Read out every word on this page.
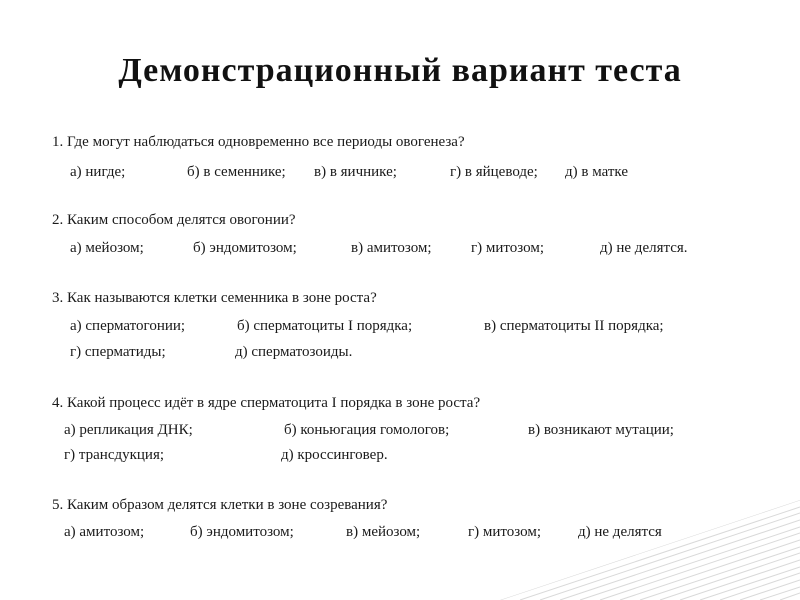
Демонстрационный вариант теста
1. Где могут наблюдаться одновременно все периоды овогенеза?
а) нигде;	б) в семеннике; в) в яичнике;	г) в яйцеводе; д) в матке
2. Каким способом делятся овогонии?
а) мейозом;	б) эндомитозом;	в) амитозом;	г) митозом;	д) не делятся.
3. Как называются клетки семенника в зоне роста?
а) сперматогонии;	б) сперматоциты I порядка;	в) сперматоциты II порядка;
г) сперматиды;	д) сперматозоиды.
4. Какой процесс идёт в ядре сперматоцита I порядка в зоне роста?
а) репликация ДНК;	б) коньюгация гомологов;	в) возникают мутации;
г) трансдукция;	д) кроссинговер.
5. Каким образом делятся клетки в зоне созревания?
а) амитозом;	б) эндомитозом;	в) мейозом;	г) митозом; д) не делятся
